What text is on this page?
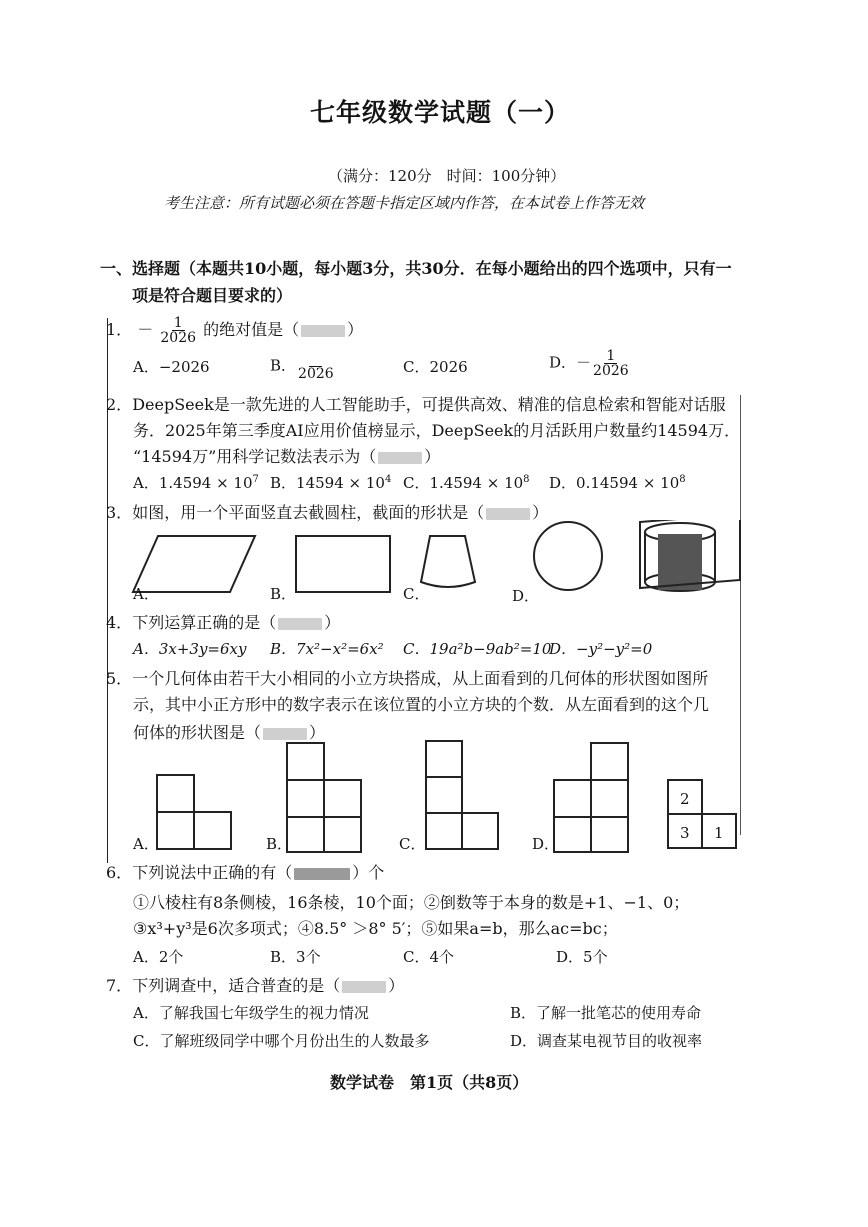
七年级数学试题（一）
（满分：120分　时间：100分钟）
考生注意：所有试题必须在答题卡指定区域内作答，在本试卷上作答无效
一、选择题（本题共10小题，每小题3分，共30分．在每小题给出的四个选项中，只有一
项是符合题目要求的）
1． － $\frac{1}{2026}$ 的绝对值是（	）
A．−2026	B．
2026	C．2026	D．－ $\frac{1}{2026}$
2．DeepSeek是一款先进的人工智能助手，可提供高效、精准的信息检索和智能对话服
务．2025年第三季度AI应用价值榜显示，DeepSeek的月活跃用户数量约14594万．
“14594万”用科学记数法表示为（	）
A．$1.4594 \times 10^7$ B．$14594 \times 10^4$ C．$1.4594 \times 10^8$ D．$0.14594 \times 10^8$
3．如图，用一个平面竖直去截圆柱，截面的形状是（	）
A．	B．	C．	D．
4．下列运算正确的是（	）
A．3x+3y=6xy B．7x²−x²=6x² C．19a²b−9ab²=10
D．−y²−y²=0
5．一个几何体由若干大小相同的小立方块搭成，从上面看到的几何体的形状图如图所
示，其中小正方形中的数字表示在该位置的小立方块的个数．从左面看到的这个几
何体的形状图是（	）
2
3 1
A．	B．	C．	D．
6．下列说法中正确的有（	）个
①八棱柱有8条侧棱，16条棱，10个面；②倒数等于本身的数是+1、−1、0；
③x³+y³是6次多项式；④8.5° ＞8° 5′；⑤如果a=b，那么ac=bc；
A．2个	B．3个	C．4个	D．5个
7．下列调查中，适合普查的是（	）
A．了解我国七年级学生的视力情况	B．了解一批笔芯的使用寿命
C．了解班级同学中哪个月份出生的人数最多	D．调查某电视节目的收视率
数学试卷　第1页（共8页）
